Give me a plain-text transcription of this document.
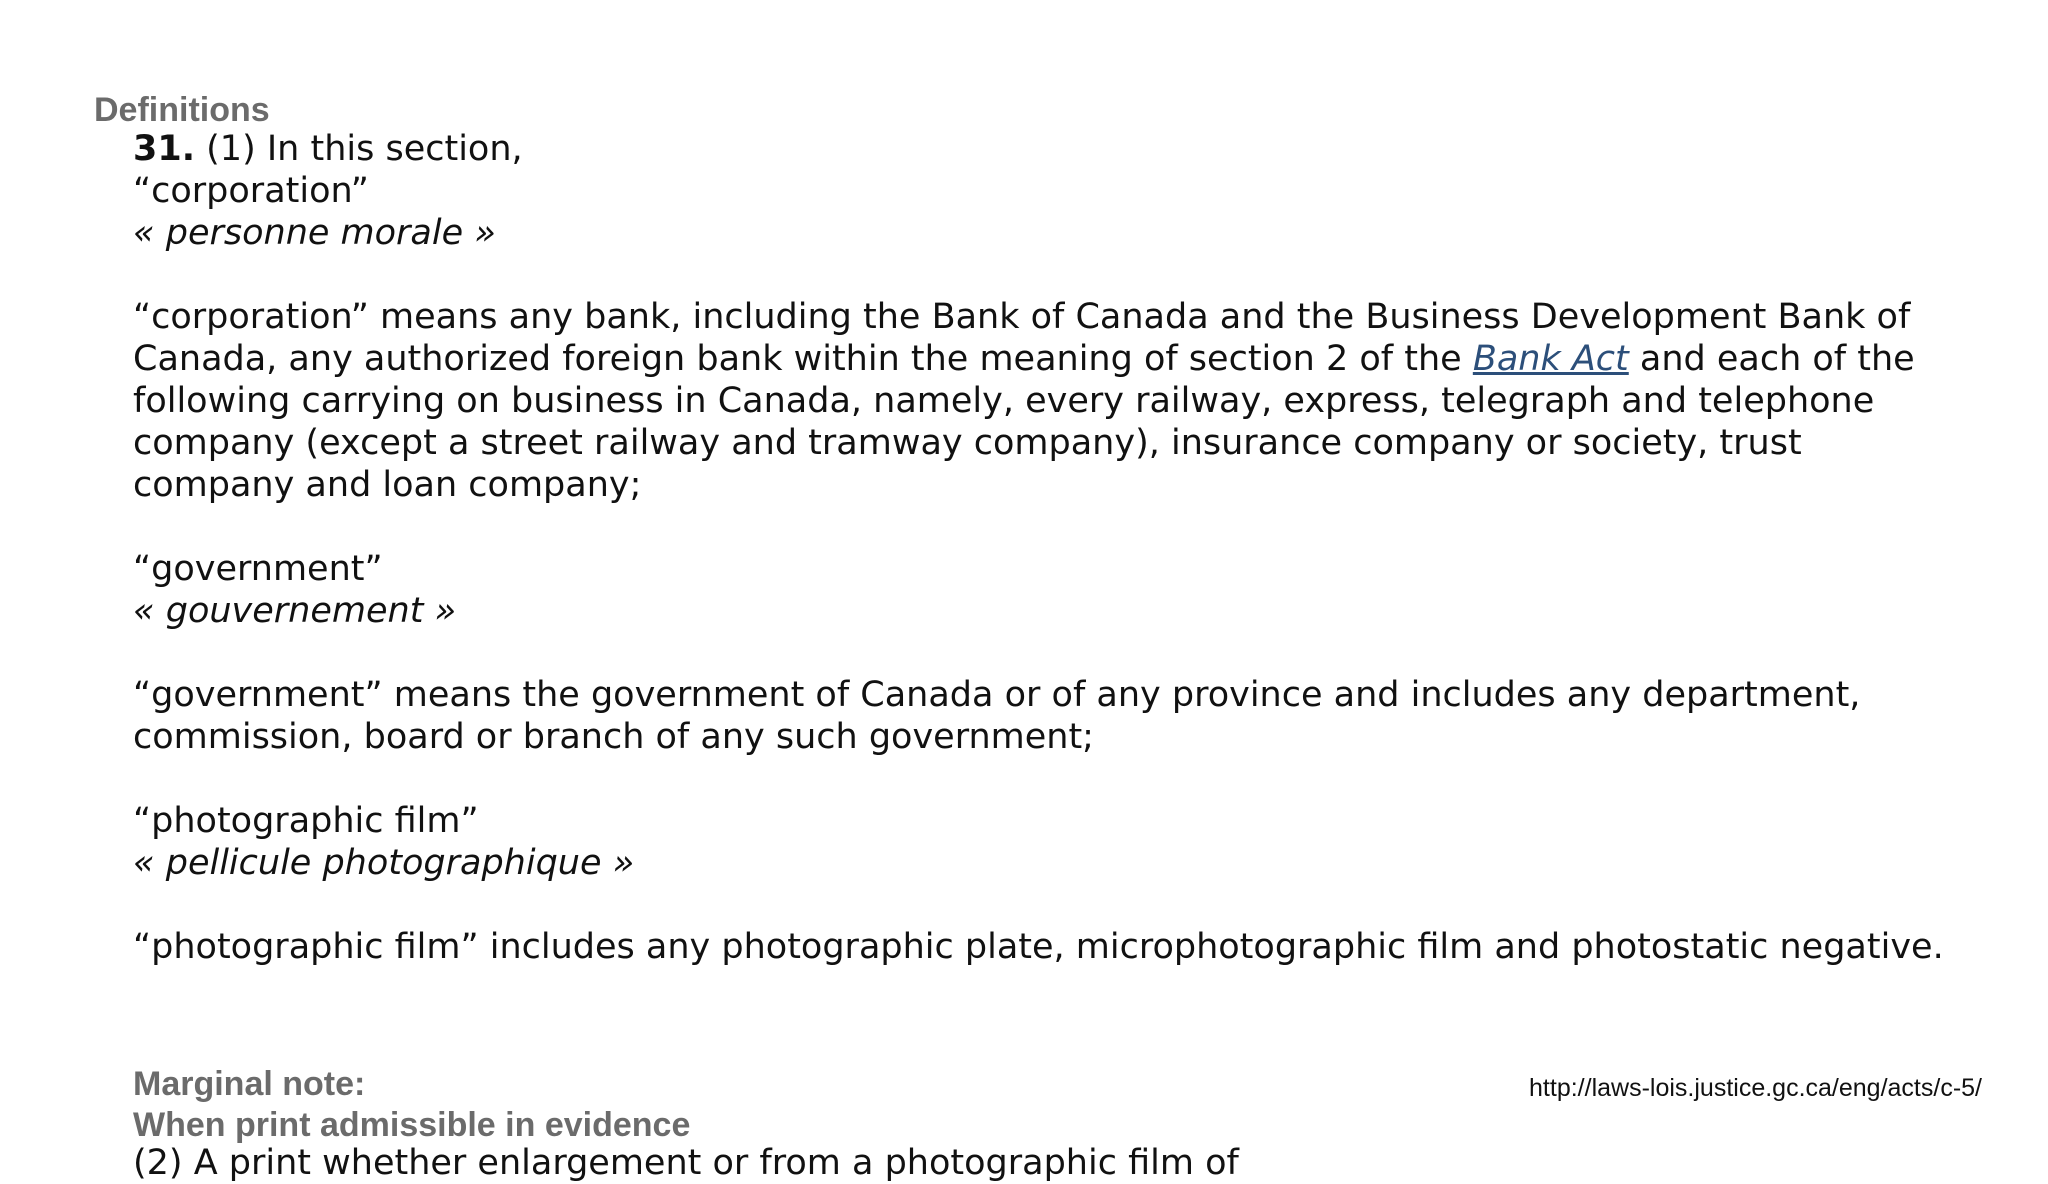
Definitions
31. (1) In this section,
“corporation”
« personne morale »
“corporation” means any bank, including the Bank of Canada and the Business Development Bank of
Canada, any authorized foreign bank within the meaning of section 2 of the Bank Act and each of the
following carrying on business in Canada, namely, every railway, express, telegraph and telephone
company (except a street railway and tramway company), insurance company or society, trust
company and loan company;
“government”
« gouvernement »
“government” means the government of Canada or of any province and includes any department,
commission, board or branch of any such government;
“photographic film”
« pellicule photographique »
“photographic film” includes any photographic plate, microphotographic film and photostatic negative.
Marginal note:
When print admissible in evidence
(2) A print whether enlargement or from a photographic film of
http://laws-lois.justice.gc.ca/eng/acts/c-5/
